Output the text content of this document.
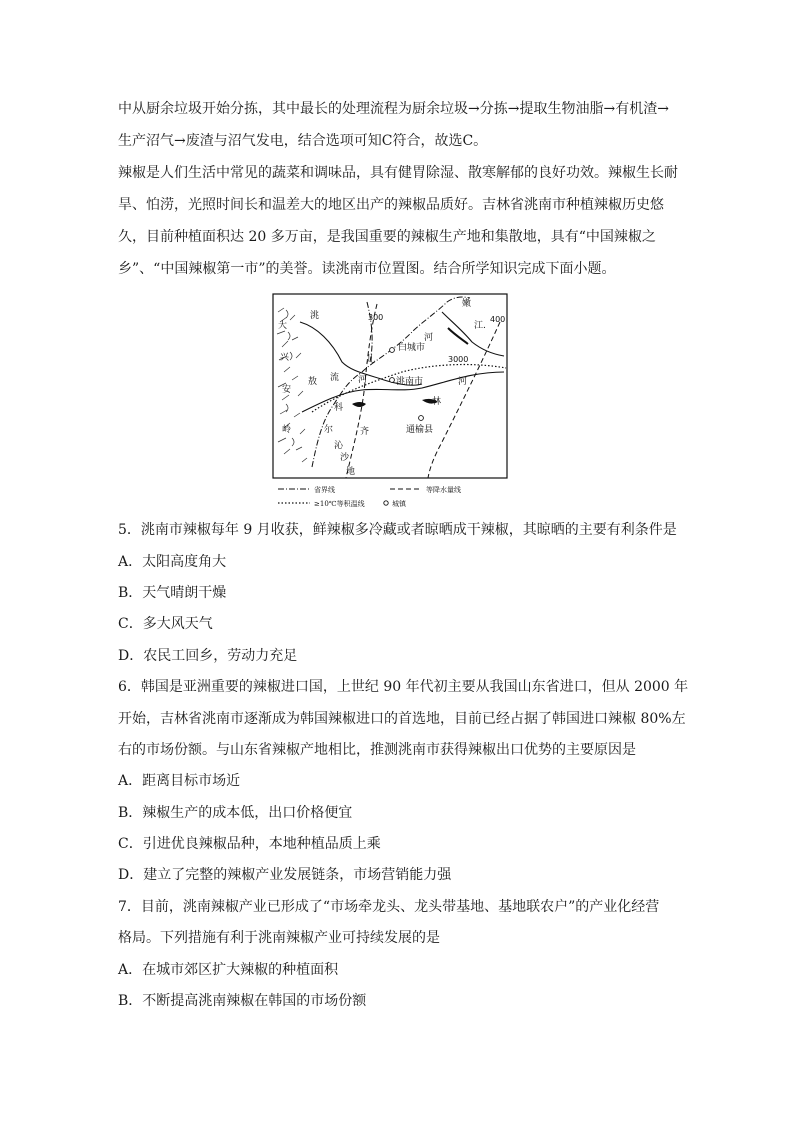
中从厨余垃圾开始分拣，其中最长的处理流程为厨余垃圾→分拣→提取生物油脂→有机渣→

生产沼气→废渣与沼气发电，结合选项可知C符合，故选C。

辣椒是人们生活中常见的蔬菜和调味品，具有健胃除湿、散寒解郁的良好功效。辣椒生长耐旱、怕涝，光照时间长和温差大的地区出产的辣椒品质好。吉林省洮南市种植辣椒历史悠久，目前种植面积达 20 多万亩，是我国重要的辣椒生产地和集散地，具有“中国辣椒之乡”、“中国辣椒第一市”的美誉。读洮南市位置图。结合所学知识完成下面小题。

洮
大
兴
安
岭
敖 流
儿
白城市
洮南市
河
河
河
林
通榆县
科
尔
沁
齐
沙
地
嫩
江.
300	400
3000
省界线	等降水量线
≥10℃等积温线	城镇

5．洮南市辣椒每年 9 月收获，鲜辣椒多冷藏或者晾晒成干辣椒，其晾晒的主要有利条件是

A．太阳高度角大

B．天气晴朗干燥

C．多大风天气

D．农民工回乡，劳动力充足

6．韩国是亚洲重要的辣椒进口国，上世纪 90 年代初主要从我国山东省进口，但从 2000 年

开始，吉林省洮南市逐渐成为韩国辣椒进口的首选地，目前已经占据了韩国进口辣椒 80%左

右的市场份额。与山东省辣椒产地相比，推测洮南市获得辣椒出口优势的主要原因是

A．距离目标市场近

B．辣椒生产的成本低，出口价格便宜

C．引进优良辣椒品种，本地种植品质上乘

D．建立了完整的辣椒产业发展链条，市场营销能力强

7．目前，洮南辣椒产业已形成了“市场牵龙头、龙头带基地、基地联农户”的产业化经营

格局。下列措施有利于洮南辣椒产业可持续发展的是

A．在城市郊区扩大辣椒的种植面积

B．不断提高洮南辣椒在韩国的市场份额
